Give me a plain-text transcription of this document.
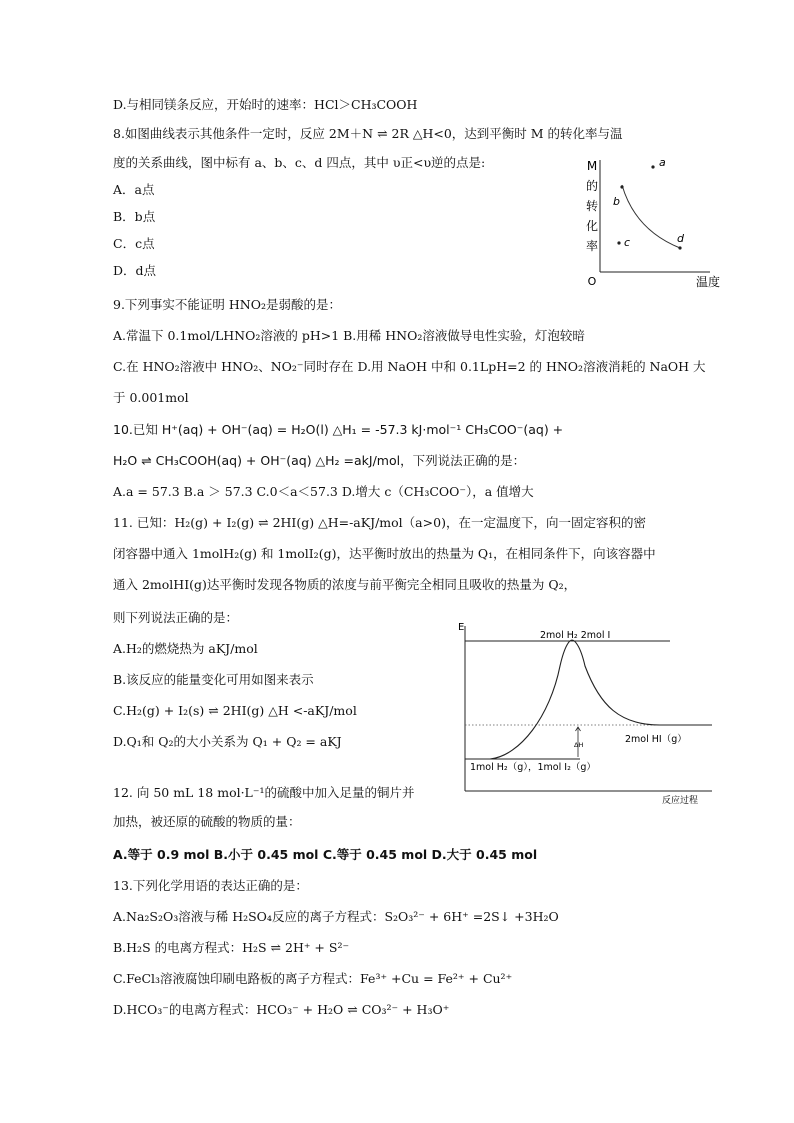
D.与相同镁条反应，开始时的速率：HCl＞CH₃COOH
8.如图曲线表示其他条件一定时，反应 2M＋N ⇌ 2R △H<0，达到平衡时 M 的转化率与温
度的关系曲线，图中标有 a、b、c、d 四点，其中 υ正<υ逆的点是:
A．a点
B．b点
C．c点
D．d点
9.下列事实不能证明 HNO₂是弱酸的是：
A.常温下 0.1mol/LHNO₂溶液的 pH>1 B.用稀 HNO₂溶液做导电性实验，灯泡较暗
C.在 HNO₂溶液中 HNO₂、NO₂⁻同时存在 D.用 NaOH 中和 0.1LpH=2 的 HNO₂溶液消耗的 NaOH 大
于 0.001mol
10.已知 H⁺(aq) + OH⁻(aq) = H₂O(l) △H₁ = -57.3 kJ·mol⁻¹ CH₃COO⁻(aq) +
H₂O ⇌ CH₃COOH(aq) + OH⁻(aq) △H₂ =akJ/mol，下列说法正确的是：
A.a = 57.3 B.a ＞ 57.3 C.0＜a＜57.3 D.增大 c（CH₃COO⁻），a 值增大
11. 已知：H₂(g) + I₂(g) ⇌ 2HI(g) △H=-aKJ/mol（a>0)，在一定温度下，向一固定容积的密
闭容器中通入 1molH₂(g) 和 1molI₂(g)，达平衡时放出的热量为 Q₁，在相同条件下，向该容器中
通入 2molHI(g)达平衡时发现各物质的浓度与前平衡完全相同且吸收的热量为 Q₂，
则下列说法正确的是：
A.H₂的燃烧热为 aKJ/mol
B.该反应的能量变化可用如图来表示
C.H₂(g) + I₂(s) ⇌ 2HI(g) △H <-aKJ/mol
D.Q₁和 Q₂的大小关系为 Q₁ + Q₂ = aKJ
12. 向 50 mL 18 mol·L⁻¹的硫酸中加入足量的铜片并
加热，被还原的硫酸的物质的量：
A.等于 0.9 mol B.小于 0.45 mol C.等于 0.45 mol D.大于 0.45 mol
13.下列化学用语的表达正确的是：
A.Na₂S₂O₃溶液与稀 H₂SO₄反应的离子方程式：S₂O₃²⁻ + 6H⁺ =2S↓ +3H₂O
B.H₂S 的电离方程式：H₂S ⇌ 2H⁺ + S²⁻
C.FeCl₃溶液腐蚀印刷电路板的离子方程式：Fe³⁺ +Cu = Fe²⁺ + Cu²⁺
D.HCO₃⁻的电离方程式：HCO₃⁻ + H₂O ⇌ CO₃²⁻ + H₃O⁺
M
的
转
化
率
O	温度
a
b
c	d
E
2mol H₂ 2mol I
2mol HI（g）
1mol H₂（g），1mol I₂（g）
ΔH
反应过程
